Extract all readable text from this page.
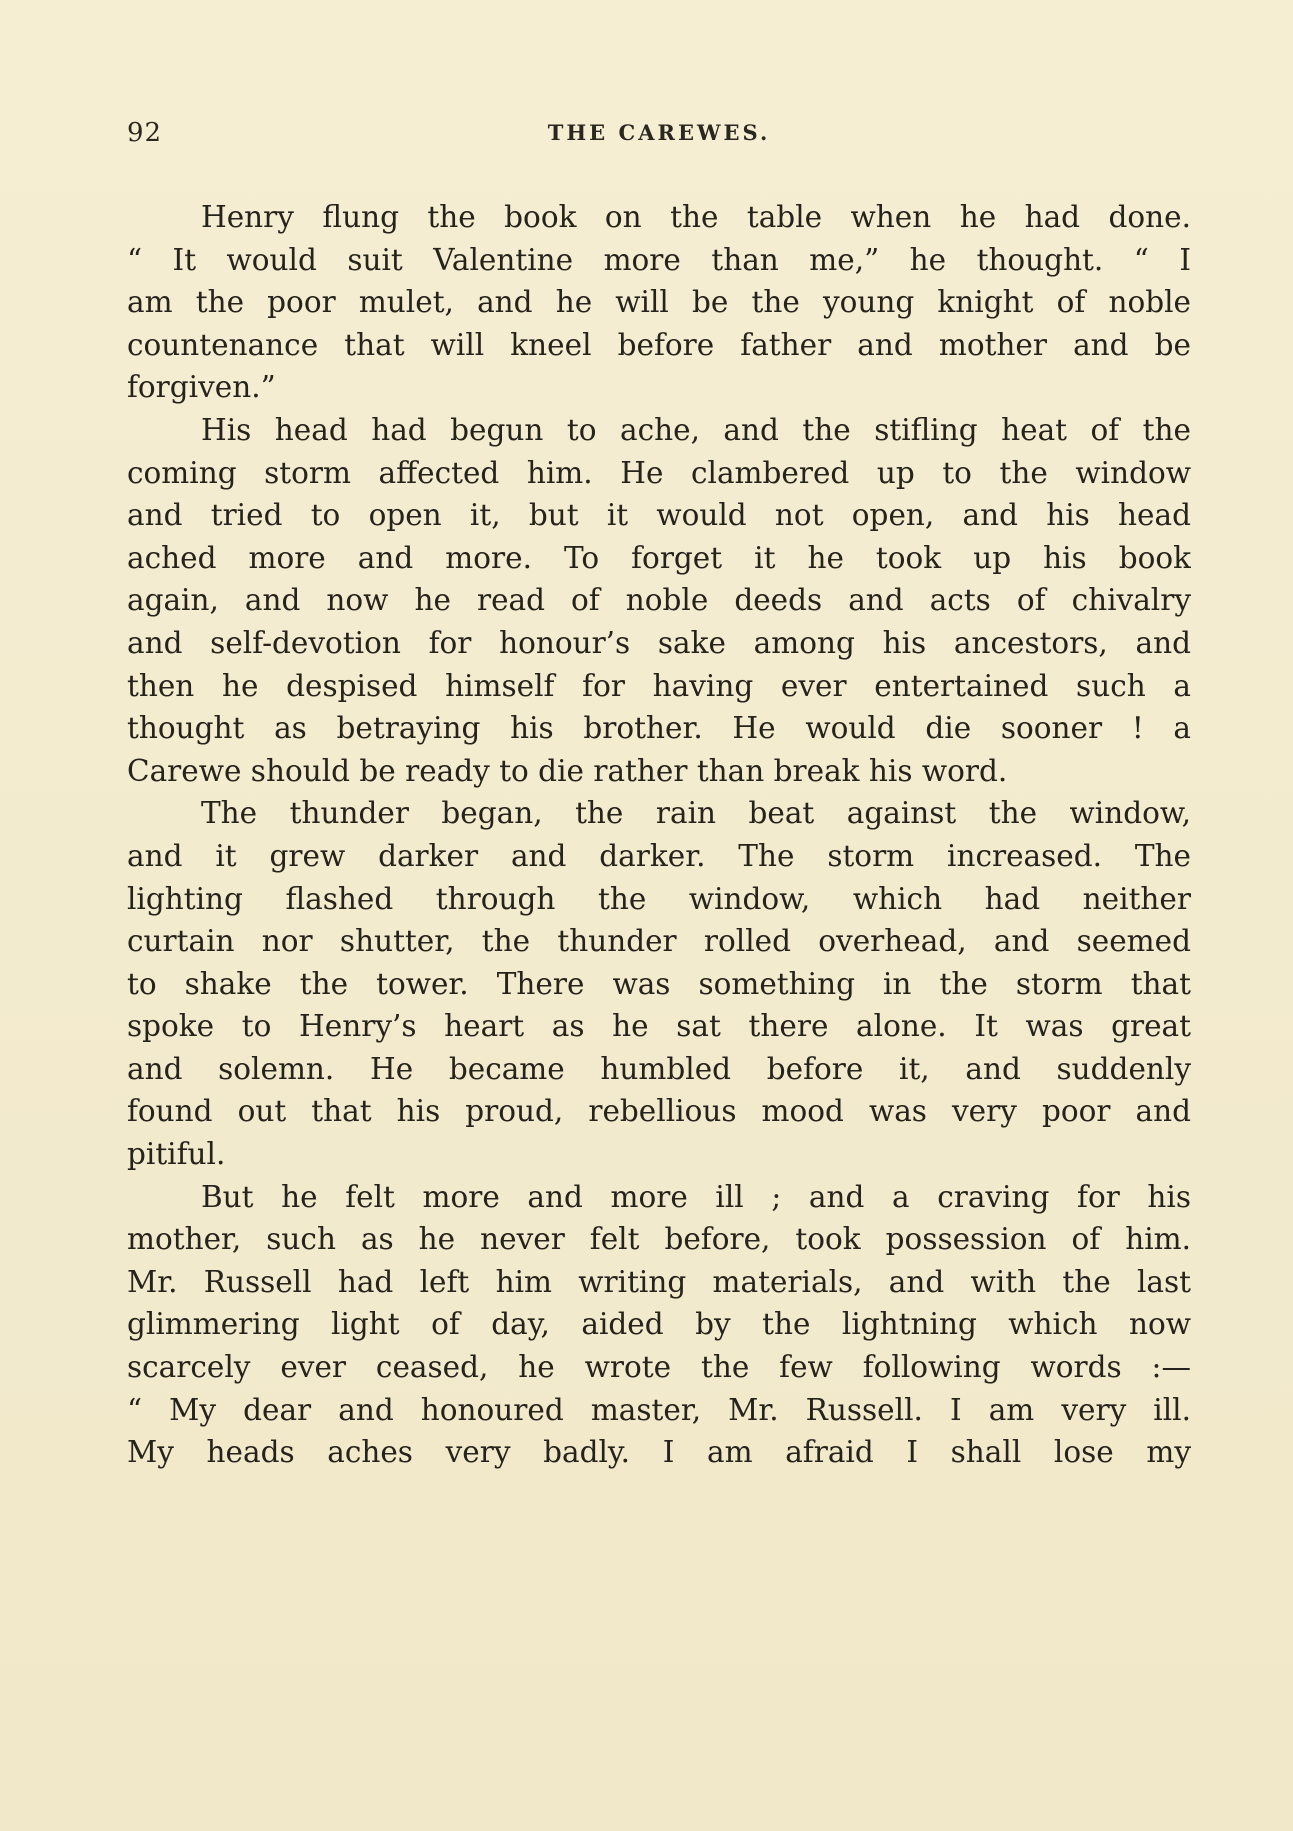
92	THE CAREWES.
Henry flung the book on the table when he had done.
“ It would suit Valentine more than me,” he thought. “ I
am the poor mulet, and he will be the young knight of noble
countenance that will kneel before father and mother and be
forgiven.”
His head had begun to ache, and the stifling heat of the
coming storm affected him. He clambered up to the window
and tried to open it, but it would not open, and his head
ached more and more. To forget it he took up his book
again, and now he read of noble deeds and acts of chivalry
and self-devotion for honour’s sake among his ancestors, and
then he despised himself for having ever entertained such a
thought as betraying his brother. He would die sooner ! a
Carewe should be ready to die rather than break his word.
The thunder began, the rain beat against the window,
and it grew darker and darker. The storm increased. The
lighting flashed through the window, which had neither
curtain nor shutter, the thunder rolled overhead, and seemed
to shake the tower. There was something in the storm that
spoke to Henry’s heart as he sat there alone. It was great
and solemn. He became humbled before it, and suddenly
found out that his proud, rebellious mood was very poor and
pitiful.
But he felt more and more ill ; and a craving for his
mother, such as he never felt before, took possession of him.
Mr. Russell had left him writing materials, and with the last
glimmering light of day, aided by the lightning which now
scarcely ever ceased, he wrote the few following words :—
“ My dear and honoured master, Mr. Russell. I am very ill.
My heads aches very badly. I am afraid I shall lose my
